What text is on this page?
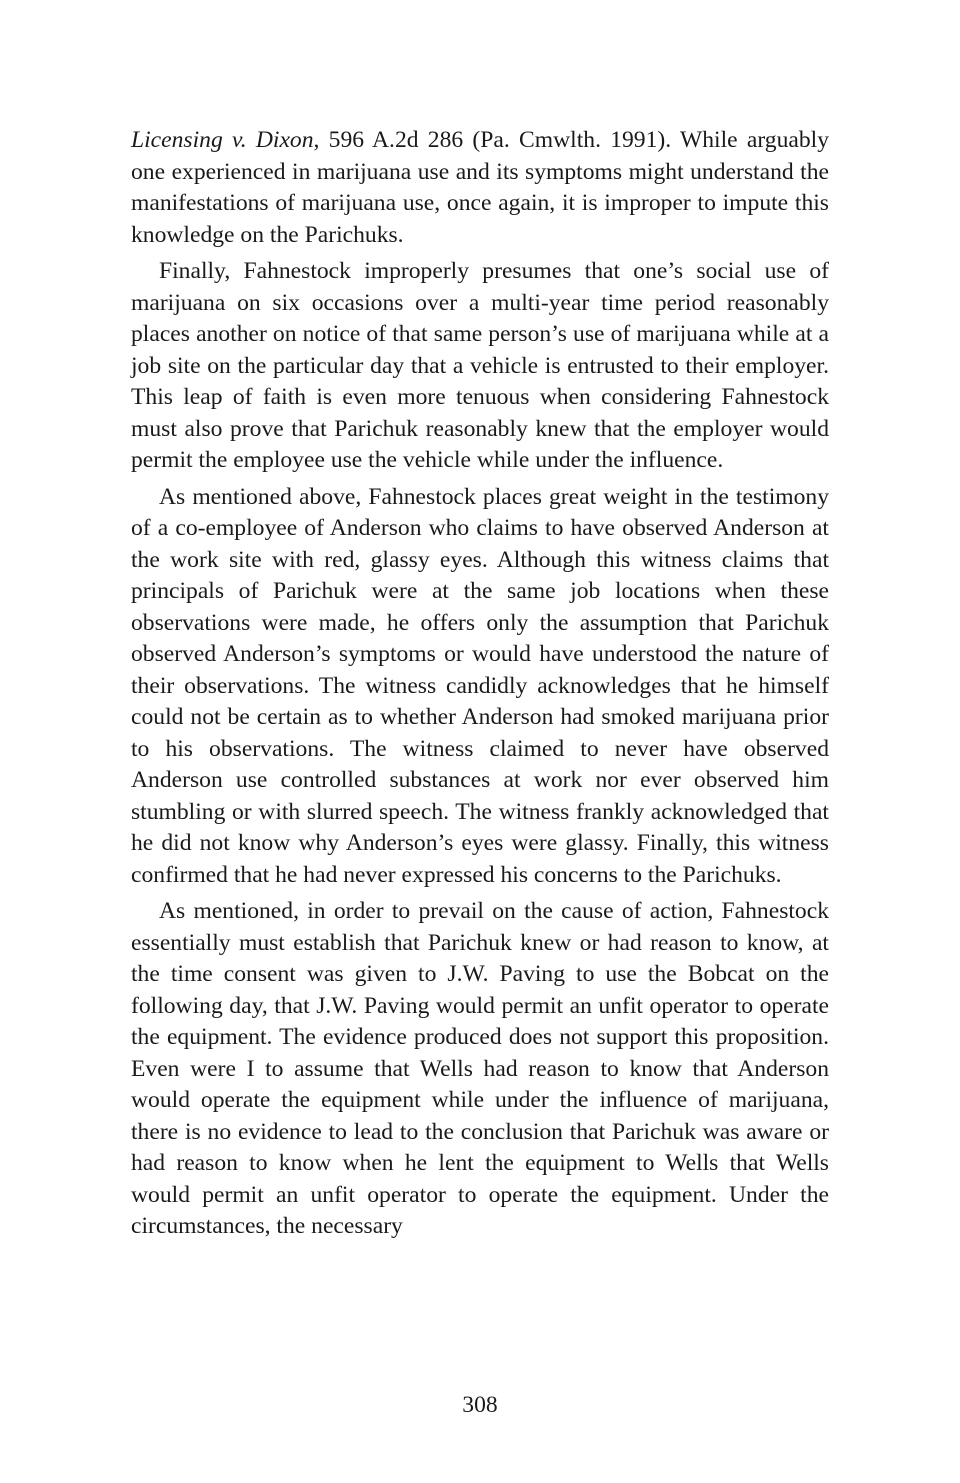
Licensing v. Dixon, 596 A.2d 286 (Pa. Cmwlth. 1991). While arguably one experienced in marijuana use and its symptoms might understand the manifestations of marijuana use, once again, it is improper to impute this knowledge on the Parichuks.

Finally, Fahnestock improperly presumes that one’s social use of marijuana on six occasions over a multi-year time period reasonably places another on notice of that same person’s use of marijuana while at a job site on the particular day that a vehicle is entrusted to their employer. This leap of faith is even more tenuous when considering Fahnestock must also prove that Parichuk reasonably knew that the employer would permit the employee use the vehicle while under the influence.

As mentioned above, Fahnestock places great weight in the testimony of a co-employee of Anderson who claims to have observed Anderson at the work site with red, glassy eyes. Although this witness claims that principals of Parichuk were at the same job locations when these observations were made, he offers only the assumption that Parichuk observed Anderson’s symptoms or would have understood the nature of their observations. The witness candidly acknowledges that he himself could not be certain as to whether Anderson had smoked marijuana prior to his observations. The witness claimed to never have observed Anderson use controlled substances at work nor ever observed him stumbling or with slurred speech. The witness frankly acknowledged that he did not know why Anderson’s eyes were glassy. Finally, this witness confirmed that he had never expressed his concerns to the Parichuks.

As mentioned, in order to prevail on the cause of action, Fahnestock essentially must establish that Parichuk knew or had reason to know, at the time consent was given to J.W. Paving to use the Bobcat on the following day, that J.W. Paving would permit an unfit operator to operate the equipment. The evidence produced does not support this proposition. Even were I to assume that Wells had reason to know that Anderson would operate the equipment while under the influence of marijuana, there is no evidence to lead to the conclusion that Parichuk was aware or had reason to know when he lent the equipment to Wells that Wells would permit an unfit operator to operate the equipment. Under the circumstances, the necessary

308
